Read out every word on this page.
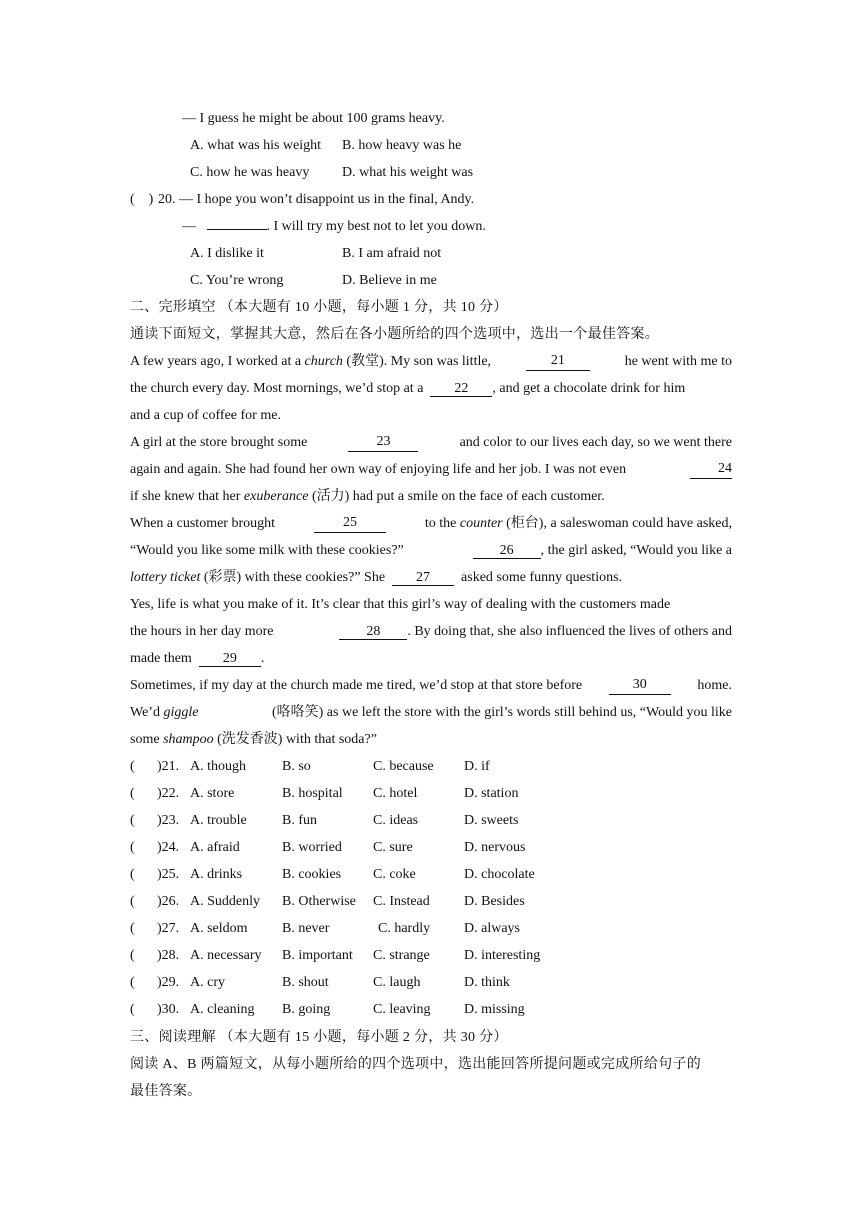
— I guess he might be about 100 grams heavy.
A. what was his weight B. how heavy was he
C. how he was heavy D. what his weight was
( ) 20. — I hope you won’t disappoint us in the final, Andy.
—	. I will try my best not to let you down.
A. I dislike it	B. I am afraid not
C. You’re wrong	D. Believe in me
二、完形填空 （本大题有 10 小题，每小题 1 分，共 10 分）
通读下面短文，掌握其大意，然后在各小题所给的四个选项中，选出一个最佳答案。
A few years ago, I worked at a church (教堂). My son was little,	21	he went with me to
the church every day. Most mornings, we’d stop at a 22 , and get a chocolate drink for him
and a cup of coffee for me.
A girl at the store brought some	23	and color to our lives each day, so we went there
again and again. She had found her own way of enjoying life and her job. I was not even	24
if she knew that her exuberance (活力) had put a smile on the face of each customer.
When a customer brought	25	to the counter (柜台), a saleswoman could have asked,
“Would you like some milk with these cookies?”	26 , the girl asked, “Would you like a
lottery ticket (彩票) with these cookies?” She 27 asked some funny questions.
Yes, life is what you make of it. It’s clear that this girl’s way of dealing with the customers made
the hours in her day more	28 . By doing that, she also influenced the lives of others and
made them 29 .
Sometimes, if my day at the church made me tired, we’d stop at that store before	30	home.
We’d giggle	(咯咯笑) as we left the store with the girl’s words still behind us, “Would you like
some shampoo (洗发香波) with that soda?”
( )21. A. though	B. so	C. because D. if
( )22. A. store	B. hospital C. hotel	D. station
( )23. A. trouble	B. fun	C. ideas	D. sweets
( )24. A. afraid	B. worried C. sure	D. nervous
( )25. A. drinks	B. cookies C. coke	D. chocolate
( )26. A. Suddenly B. Otherwise C. Instead D. Besides
( )27. A. seldom B. never	C. hardly D. always
( )28. A. necessary B. important C. strange D. interesting
( )29. A. cry	B. shout	C. laugh	D. think
( )30. A. cleaning B. going	C. leaving D. missing
三、阅读理解 （本大题有 15 小题，每小题 2 分，共 30 分）
阅读 A、B 两篇短文，从每小题所给的四个选项中，选出能回答所提问题或完成所给句子的
最佳答案。
